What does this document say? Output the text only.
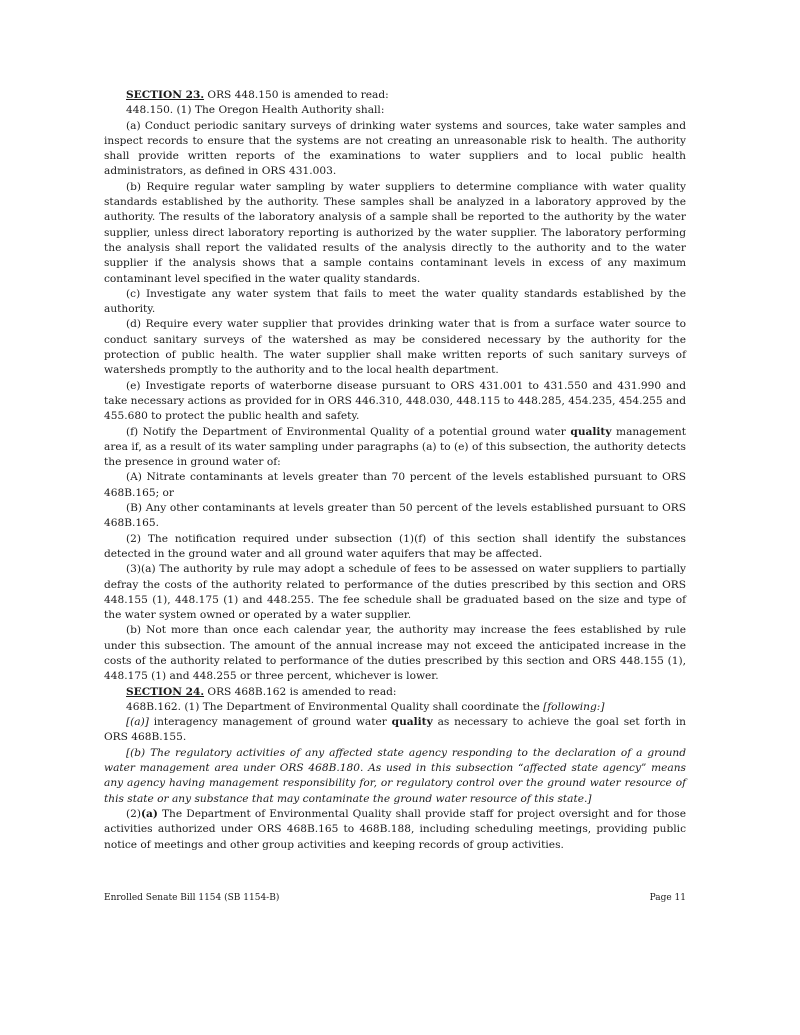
SECTION 23. ORS 448.150 is amended to read:

448.150. (1) The Oregon Health Authority shall:

(a) Conduct periodic sanitary surveys of drinking water systems and sources, take water samples and inspect records to ensure that the systems are not creating an unreasonable risk to health. The authority shall provide written reports of the examinations to water suppliers and to local public health administrators, as defined in ORS 431.003.

(b) Require regular water sampling by water suppliers to determine compliance with water quality standards established by the authority. These samples shall be analyzed in a laboratory approved by the authority. The results of the laboratory analysis of a sample shall be reported to the authority by the water supplier, unless direct laboratory reporting is authorized by the water supplier. The laboratory performing the analysis shall report the validated results of the analysis directly to the authority and to the water supplier if the analysis shows that a sample contains contaminant levels in excess of any maximum contaminant level specified in the water quality standards.

(c) Investigate any water system that fails to meet the water quality standards established by the authority.

(d) Require every water supplier that provides drinking water that is from a surface water source to conduct sanitary surveys of the watershed as may be considered necessary by the authority for the protection of public health. The water supplier shall make written reports of such sanitary surveys of watersheds promptly to the authority and to the local health department.

(e) Investigate reports of waterborne disease pursuant to ORS 431.001 to 431.550 and 431.990 and take necessary actions as provided for in ORS 446.310, 448.030, 448.115 to 448.285, 454.235, 454.255 and 455.680 to protect the public health and safety.

(f) Notify the Department of Environmental Quality of a potential ground water quality management area if, as a result of its water sampling under paragraphs (a) to (e) of this subsection, the authority detects the presence in ground water of:

(A) Nitrate contaminants at levels greater than 70 percent of the levels established pursuant to ORS 468B.165; or

(B) Any other contaminants at levels greater than 50 percent of the levels established pursuant to ORS 468B.165.

(2) The notification required under subsection (1)(f) of this section shall identify the substances detected in the ground water and all ground water aquifers that may be affected.

(3)(a) The authority by rule may adopt a schedule of fees to be assessed on water suppliers to partially defray the costs of the authority related to performance of the duties prescribed by this section and ORS 448.155 (1), 448.175 (1) and 448.255. The fee schedule shall be graduated based on the size and type of the water system owned or operated by a water supplier.

(b) Not more than once each calendar year, the authority may increase the fees established by rule under this subsection. The amount of the annual increase may not exceed the anticipated increase in the costs of the authority related to performance of the duties prescribed by this section and ORS 448.155 (1), 448.175 (1) and 448.255 or three percent, whichever is lower.

SECTION 24. ORS 468B.162 is amended to read:

468B.162. (1) The Department of Environmental Quality shall coordinate the [following:]

[(a)] interagency management of ground water quality as necessary to achieve the goal set forth in ORS 468B.155.

[(b) The regulatory activities of any affected state agency responding to the declaration of a ground water management area under ORS 468B.180. As used in this subsection “affected state agency” means any agency having management responsibility for, or regulatory control over the ground water resource of this state or any substance that may contaminate the ground water resource of this state.]

(2)(a) The Department of Environmental Quality shall provide staff for project oversight and for those activities authorized under ORS 468B.165 to 468B.188, including scheduling meetings, providing public notice of meetings and other group activities and keeping records of group activities.

Enrolled Senate Bill 1154 (SB 1154-B)	Page 11
